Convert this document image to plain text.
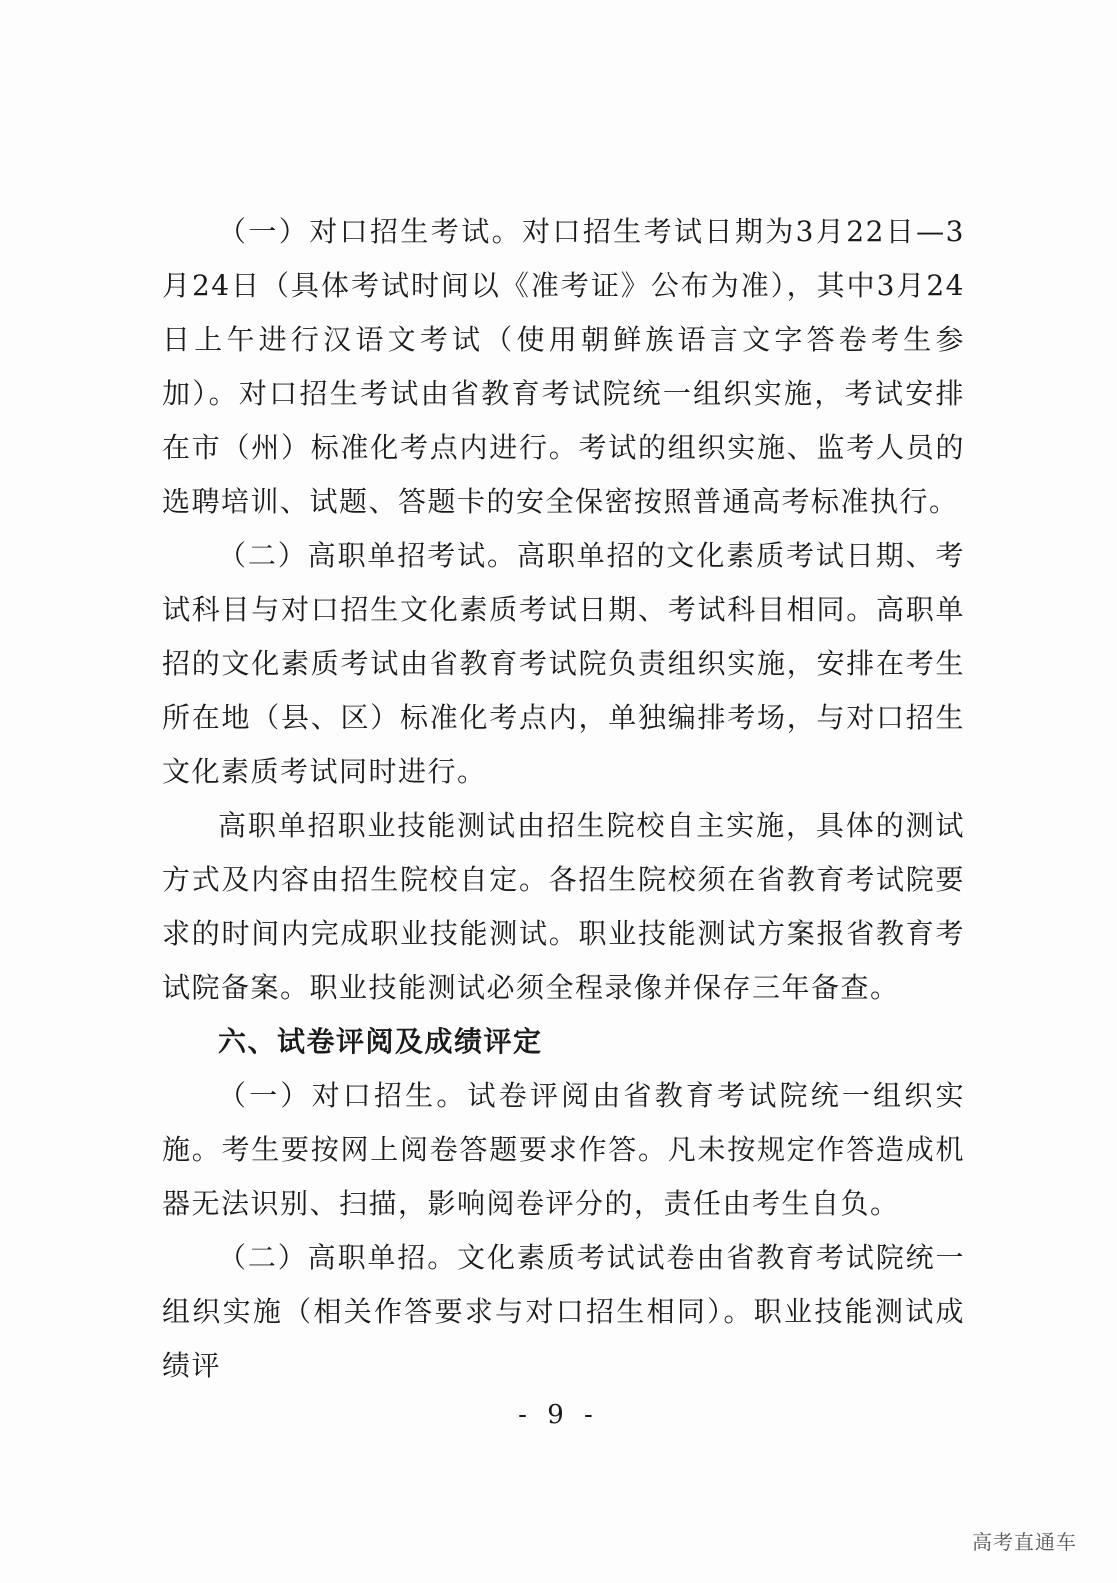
（一）对口招生考试。对口招生考试日期为3月22日—3月24日（具体考试时间以《准考证》公布为准），其中3月24日上午进行汉语文考试（使用朝鲜族语言文字答卷考生参加）。对口招生考试由省教育考试院统一组织实施，考试安排在市（州）标准化考点内进行。考试的组织实施、监考人员的选聘培训、试题、答题卡的安全保密按照普通高考标准执行。

（二）高职单招考试。高职单招的文化素质考试日期、考试科目与对口招生文化素质考试日期、考试科目相同。高职单招的文化素质考试由省教育考试院负责组织实施，安排在考生所在地（县、区）标准化考点内，单独编排考场，与对口招生文化素质考试同时进行。

高职单招职业技能测试由招生院校自主实施，具体的测试方式及内容由招生院校自定。各招生院校须在省教育考试院要求的时间内完成职业技能测试。职业技能测试方案报省教育考试院备案。职业技能测试必须全程录像并保存三年备查。

六、试卷评阅及成绩评定

（一）对口招生。试卷评阅由省教育考试院统一组织实施。考生要按网上阅卷答题要求作答。凡未按规定作答造成机器无法识别、扫描，影响阅卷评分的，责任由考生自负。

（二）高职单招。文化素质考试试卷由省教育考试院统一组织实施（相关作答要求与对口招生相同）。职业技能测试成绩评

- 9 -
高考直通车
